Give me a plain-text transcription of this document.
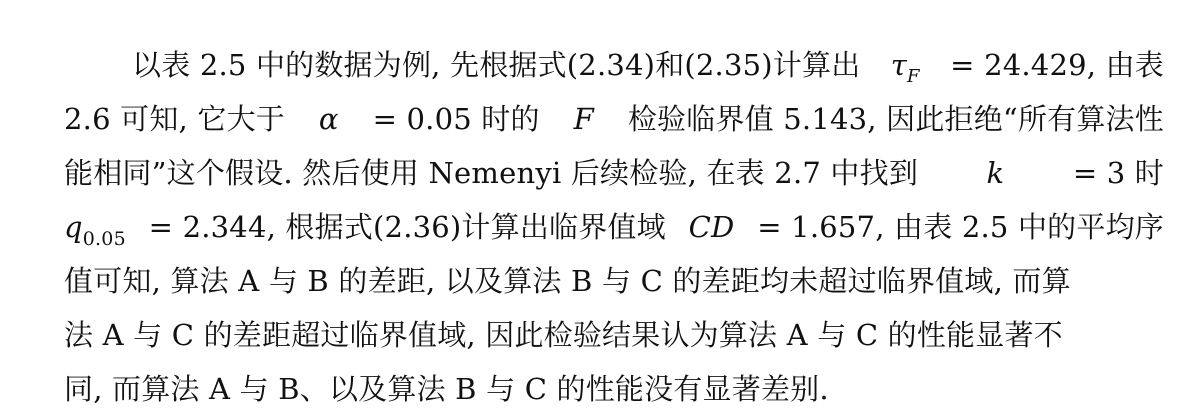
以表 2.5 中的数据为例, 先根据式(2.34)和(2.35)计算出 $\tau_F = 24.429$, 由表
2.6 可知, 它大于 α = 0.05 时的 F 检验临界值 5.143, 因此拒绝“所有算法性
能相同”这个假设. 然后使用 Nemenyi 后续检验, 在表 2.7 中找到 k = 3 时
$q_{0.05} = 2.344$, 根据式(2.36)计算出临界值域 CD = 1.657, 由表 2.5 中的平均序
值可知, 算法 A 与 B 的差距, 以及算法 B 与 C 的差距均未超过临界值域, 而算
法 A 与 C 的差距超过临界值域, 因此检验结果认为算法 A 与 C 的性能显著不
同, 而算法 A 与 B、以及算法 B 与 C 的性能没有显著差别.
